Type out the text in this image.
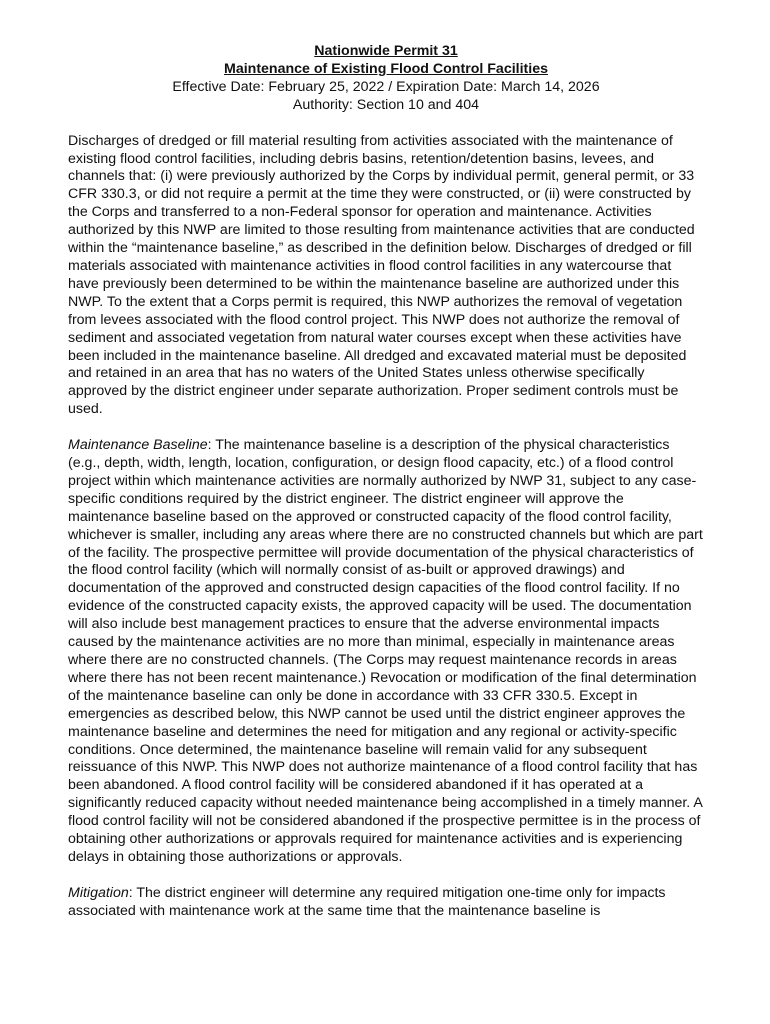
Nationwide Permit 31
Maintenance of Existing Flood Control Facilities
Effective Date: February 25, 2022 / Expiration Date: March 14, 2026
Authority: Section 10 and 404

Discharges of dredged or fill material resulting from activities associated with the maintenance of existing flood control facilities, including debris basins, retention/detention basins, levees, and channels that: (i) were previously authorized by the Corps by individual permit, general permit, or 33 CFR 330.3, or did not require a permit at the time they were constructed, or (ii) were constructed by the Corps and transferred to a non-Federal sponsor for operation and maintenance. Activities authorized by this NWP are limited to those resulting from maintenance activities that are conducted within the “maintenance baseline,” as described in the definition below. Discharges of dredged or fill materials associated with maintenance activities in flood control facilities in any watercourse that have previously been determined to be within the maintenance baseline are authorized under this NWP. To the extent that a Corps permit is required, this NWP authorizes the removal of vegetation from levees associated with the flood control project. This NWP does not authorize the removal of sediment and associated vegetation from natural water courses except when these activities have been included in the maintenance baseline. All dredged and excavated material must be deposited and retained in an area that has no waters of the United States unless otherwise specifically approved by the district engineer under separate authorization. Proper sediment controls must be used.

Maintenance Baseline: The maintenance baseline is a description of the physical characteristics (e.g., depth, width, length, location, configuration, or design flood capacity, etc.) of a flood control project within which maintenance activities are normally authorized by NWP 31, subject to any case-specific conditions required by the district engineer. The district engineer will approve the maintenance baseline based on the approved or constructed capacity of the flood control facility, whichever is smaller, including any areas where there are no constructed channels but which are part of the facility. The prospective permittee will provide documentation of the physical characteristics of the flood control facility (which will normally consist of as-built or approved drawings) and documentation of the approved and constructed design capacities of the flood control facility. If no evidence of the constructed capacity exists, the approved capacity will be used. The documentation will also include best management practices to ensure that the adverse environmental impacts caused by the maintenance activities are no more than minimal, especially in maintenance areas where there are no constructed channels. (The Corps may request maintenance records in areas where there has not been recent maintenance.) Revocation or modification of the final determination of the maintenance baseline can only be done in accordance with 33 CFR 330.5. Except in emergencies as described below, this NWP cannot be used until the district engineer approves the maintenance baseline and determines the need for mitigation and any regional or activity-specific conditions. Once determined, the maintenance baseline will remain valid for any subsequent reissuance of this NWP. This NWP does not authorize maintenance of a flood control facility that has been abandoned. A flood control facility will be considered abandoned if it has operated at a significantly reduced capacity without needed maintenance being accomplished in a timely manner. A flood control facility will not be considered abandoned if the prospective permittee is in the process of obtaining other authorizations or approvals required for maintenance activities and is experiencing delays in obtaining those authorizations or approvals.

Mitigation: The district engineer will determine any required mitigation one-time only for impacts associated with maintenance work at the same time that the maintenance baseline is
